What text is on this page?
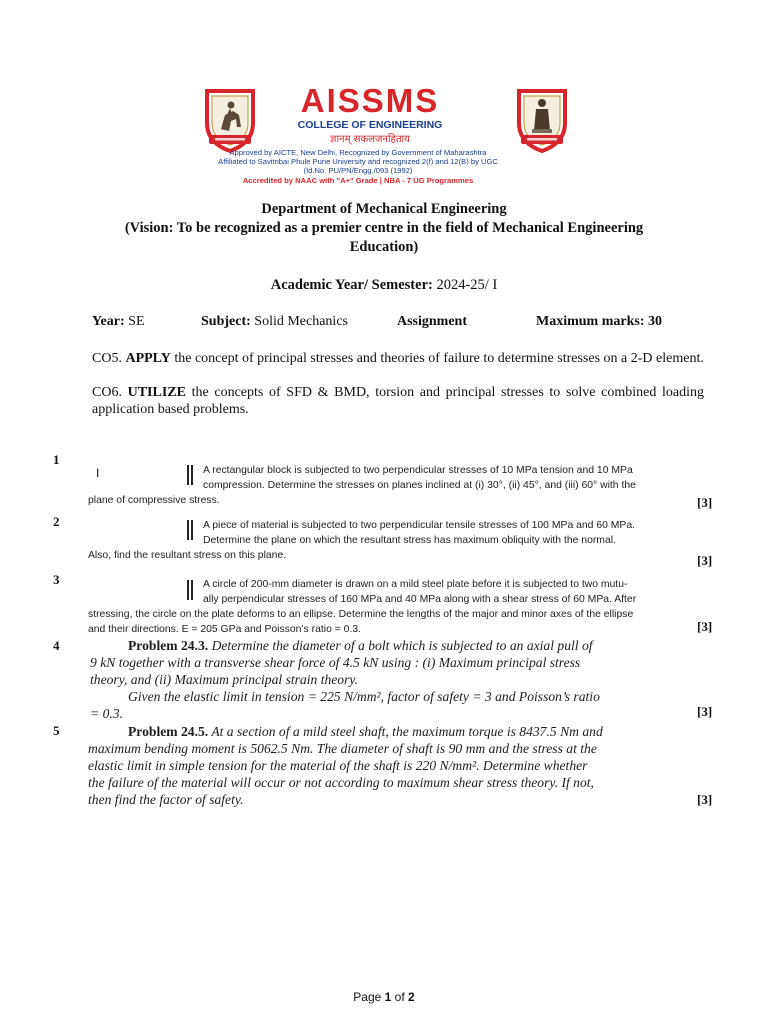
AISSMS
COLLEGE OF ENGINEERING
ज्ञानम् सकलजनहिताय
Approved by AICTE, New Delhi, Recognized by Government of Maharashtra
Affiliated to Savitribai Phule Pune University and recognized 2(f) and 12(B) by UGC
(Id.No. PU/PN/Engg./093 (1992)
Accredited by NAAC with "A+" Grade | NBA - 7 UG Programmes
Department of Mechanical Engineering
(Vision: To be recognized as a premier centre in the field of Mechanical Engineering
Education)
Academic Year/ Semester: 2024-25/ I
Year: SE	Subject: Solid Mechanics	Assignment	Maximum marks: 30
CO5. APPLY the concept of principal stresses and theories of failure to determine stresses on a 2-D element.
CO6. UTILIZE the concepts of SFD & BMD, torsion and principal stresses to solve combined loading application based problems.
1
I	A rectangular block is subjected to two perpendicular stresses of 10 MPa tension and 10 MPa
compression. Determine the stresses on planes inclined at (i) 30°, (ii) 45°, and (iii) 60° with the
plane of compressive stress.	[3]
2	A piece of material is subjected to two perpendicular tensile stresses of 100 MPa and 60 MPa.
Determine the plane on which the resultant stress has maximum obliquity with the normal.
Also, find the resultant stress on this plane.	[3]
3	A circle of 200-mm diameter is drawn on a mild steel plate before it is subjected to two mutu-
ally perpendicular stresses of 160 MPa and 40 MPa along with a shear stress of 60 MPa. After
stressing, the circle on the plate deforms to an ellipse. Determine the lengths of the major and minor axes of the ellipse
and their directions. E = 205 GPa and Poisson’s ratio = 0.3.	[3]
4	Problem 24.3. Determine the diameter of a bolt which is subjected to an axial pull of
9 kN together with a transverse shear force of 4.5 kN using : (i) Maximum principal stress
theory, and (ii) Maximum principal strain theory.
Given the elastic limit in tension = 225 N/mm², factor of safety = 3 and Poisson’s ratio
= 0.3.	[3]
5	Problem 24.5. At a section of a mild steel shaft, the maximum torque is 8437.5 Nm and
maximum bending moment is 5062.5 Nm. The diameter of shaft is 90 mm and the stress at the
elastic limit in simple tension for the material of the shaft is 220 N/mm². Determine whether
the failure of the material will occur or not according to maximum shear stress theory. If not,
then find the factor of safety.	[3]
Page 1 of 2
